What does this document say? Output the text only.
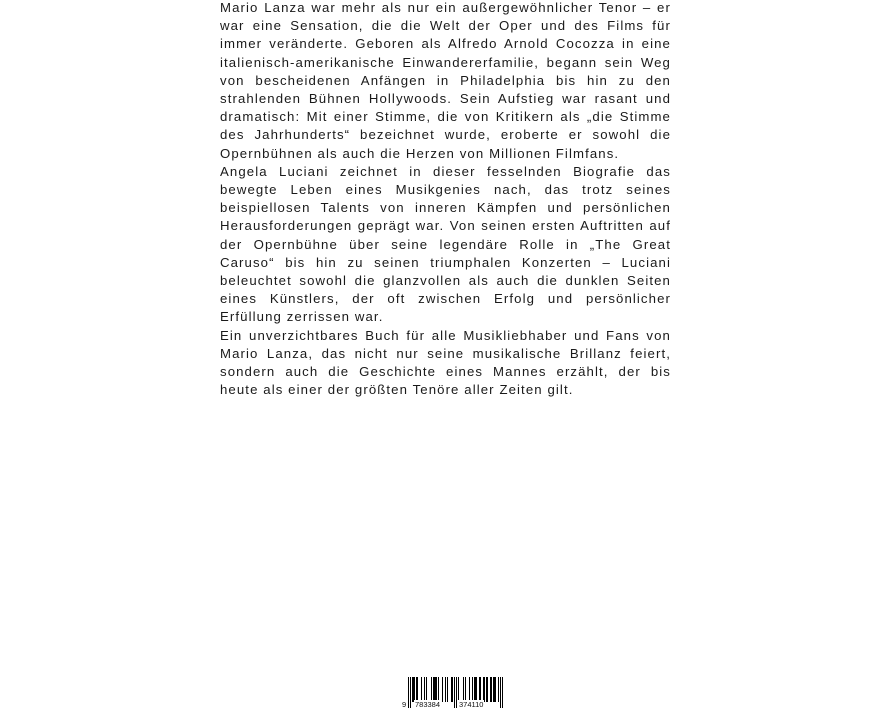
Mario Lanza war mehr als nur ein außergewöhnlicher Tenor – er war eine Sensation, die die Welt der Oper und des Films für immer veränderte. Geboren als Alfredo Arnold Cocozza in eine italienisch-amerikanische Einwandererfamilie, begann sein Weg von bescheidenen Anfängen in Philadelphia bis hin zu den strahlenden Bühnen Hollywoods. Sein Aufstieg war rasant und dramatisch: Mit einer Stimme, die von Kritikern als „die Stimme des Jahrhunderts“ bezeichnet wurde, eroberte er sowohl die Opernbühnen als auch die Herzen von Millionen Filmfans.

Angela Luciani zeichnet in dieser fesselnden Biografie das bewegte Leben eines Musikgenies nach, das trotz seines beispiellosen Talents von inneren Kämpfen und persönlichen Herausforderungen geprägt war. Von seinen ersten Auftritten auf der Opernbühne über seine legendäre Rolle in „The Great Caruso“ bis hin zu seinen triumphalen Konzerten – Luciani beleuchtet sowohl die glanzvollen als auch die dunklen Seiten eines Künstlers, der oft zwischen Erfolg und persönlicher Erfüllung zerrissen war.

Ein unverzichtbares Buch für alle Musikliebhaber und Fans von Mario Lanza, das nicht nur seine musikalische Brillanz feiert, sondern auch die Geschichte eines Mannes erzählt, der bis heute als einer der größten Tenöre aller Zeiten gilt.

9 783384	374110
